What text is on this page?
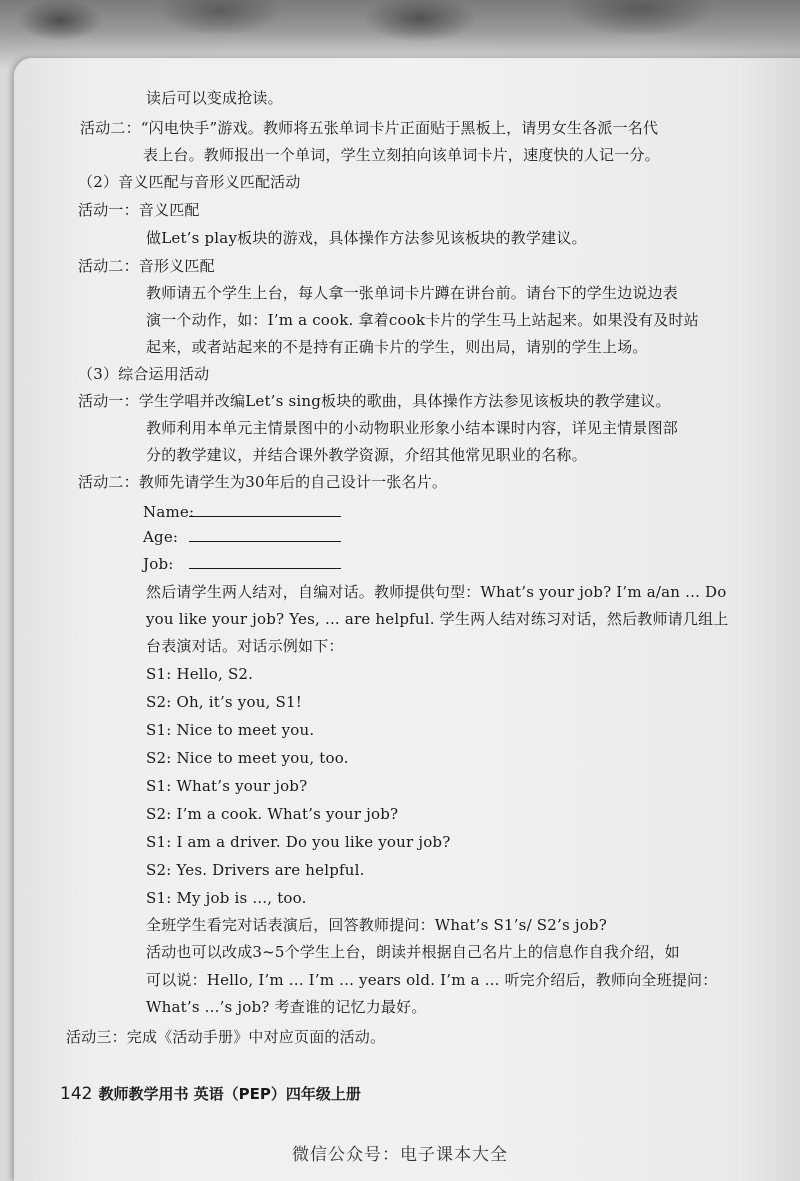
读后可以变成抢读。
活动二：“闪电快手”游戏。教师将五张单词卡片正面贴于黑板上，请男女生各派一名代
表上台。教师报出一个单词，学生立刻拍向该单词卡片，速度快的人记一分。
（2）音义匹配与音形义匹配活动
活动一：音义匹配
做Let’s play板块的游戏，具体操作方法参见该板块的教学建议。
活动二：音形义匹配
教师请五个学生上台，每人拿一张单词卡片蹲在讲台前。请台下的学生边说边表
演一个动作，如：I’m a cook. 拿着cook卡片的学生马上站起来。如果没有及时站
起来，或者站起来的不是持有正确卡片的学生，则出局，请别的学生上场。
（3）综合运用活动
活动一：学生学唱并改编Let’s sing板块的歌曲，具体操作方法参见该板块的教学建议。
教师利用本单元主情景图中的小动物职业形象小结本课时内容，详见主情景图部
分的教学建议，并结合课外教学资源，介绍其他常见职业的名称。
活动二：教师先请学生为30年后的自己设计一张名片。
Name:
Age:
Job:
然后请学生两人结对，自编对话。教师提供句型：What’s your job? I’m a/an ... Do
you like your job? Yes, ... are helpful. 学生两人结对练习对话，然后教师请几组上
台表演对话。对话示例如下：
S1: Hello, S2.
S2: Oh, it’s you, S1!
S1: Nice to meet you.
S2: Nice to meet you, too.
S1: What’s your job?
S2: I’m a cook. What’s your job?
S1: I am a driver. Do you like your job?
S2: Yes. Drivers are helpful.
S1: My job is ..., too.
全班学生看完对话表演后，回答教师提问：What’s S1’s/ S2’s job?
活动也可以改成3~5个学生上台，朗读并根据自己名片上的信息作自我介绍，如
可以说：Hello, I’m ... I’m ... years old. I’m a ... 听完介绍后，教师向全班提问：
What’s ...’s job? 考查谁的记忆力最好。
活动三：完成《活动手册》中对应页面的活动。
142 教师教学用书 英语（PEP）四年级上册
微信公众号：电子课本大全
